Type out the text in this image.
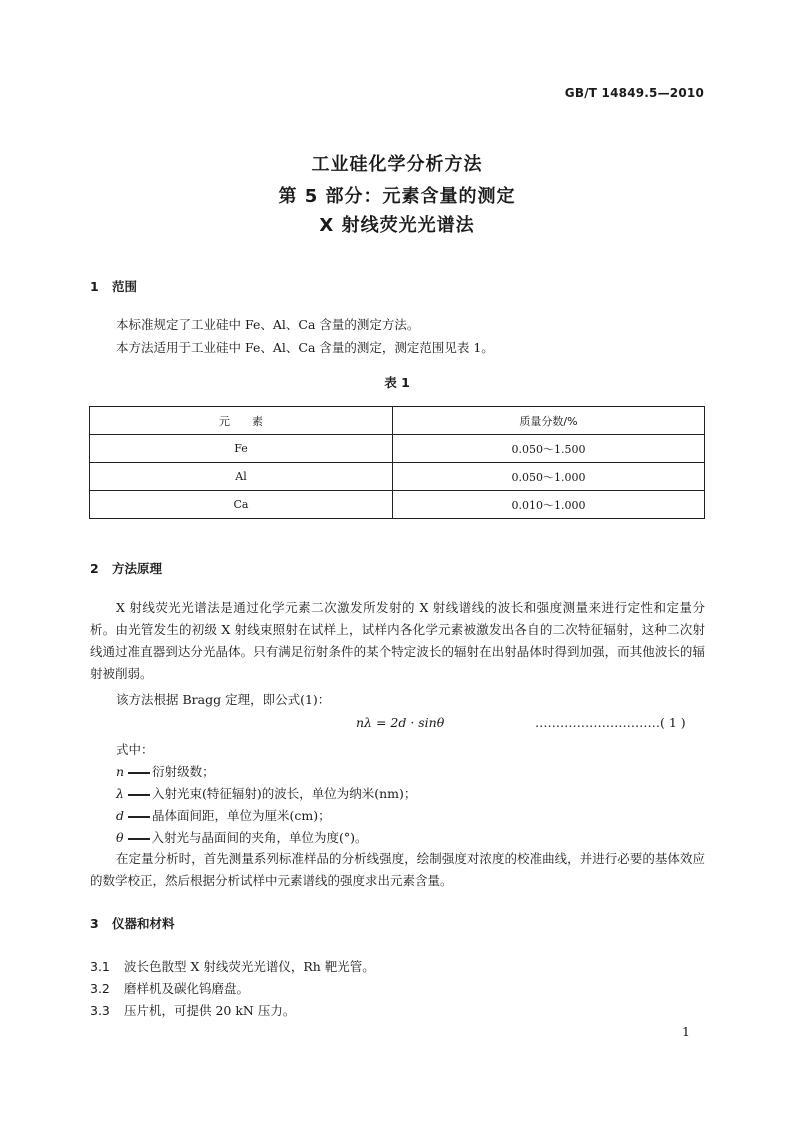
GB/T 14849.5—2010
工业硅化学分析方法
第 5 部分：元素含量的测定
X 射线荧光光谱法
1 范围
本标准规定了工业硅中 Fe、Al、Ca 含量的测定方法。
本方法适用于工业硅中 Fe、Al、Ca 含量的测定，测定范围见表 1。
表 1
元　　素	质量分数/%
Fe	0.050～1.500
Al	0.050～1.000
Ca	0.010～1.000
2 方法原理
X 射线荧光光谱法是通过化学元素二次激发所发射的 X 射线谱线的波长和强度测量来进行定性和定量分析。由光管发生的初级 X 射线束照射在试样上，试样内各化学元素被激发出各自的二次特征辐射，这种二次射线通过准直器到达分光晶体。只有满足衍射条件的某个特定波长的辐射在出射晶体时得到加强，而其他波长的辐射被削弱。
该方法根据 Bragg 定理，即公式(1)：
nλ = 2d · sinθ	…………………………( 1 )
式中：
n 衍射级数；
λ 入射光束(特征辐射)的波长，单位为纳米(nm)；
d 晶体面间距，单位为厘米(cm)；
θ 入射光与晶面间的夹角，单位为度(°)。
在定量分析时，首先测量系列标准样品的分析线强度，绘制强度对浓度的校准曲线，并进行必要的基体效应的数学校正，然后根据分析试样中元素谱线的强度求出元素含量。
3 仪器和材料
3.1 波长色散型 X 射线荧光光谱仪，Rh 靶光管。
3.2 磨样机及碳化钨磨盘。
3.3 压片机，可提供 20 kN 压力。
1
